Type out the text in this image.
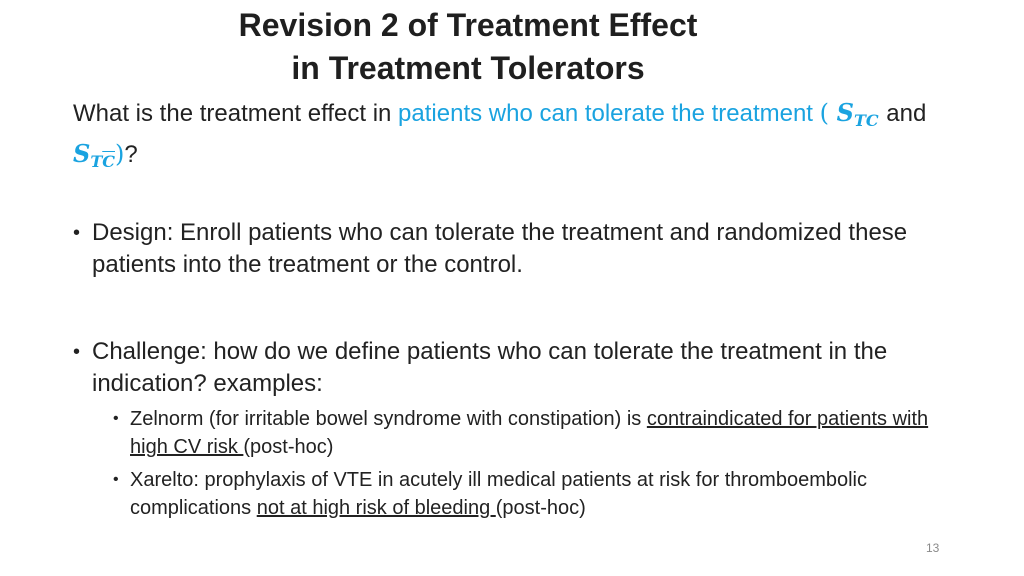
Revision 2 of Treatment Effect
in Treatment Tolerators
What is the treatment effect in patients who can tolerate the treatment ( $S_{TC}$ and $S_{T\overline{C}}$)?
• Design: Enroll patients who can tolerate the treatment and randomized these patients into the treatment or the control.
• Challenge: how do we define patients who can tolerate the treatment in the indication? examples:
• Zelnorm (for irritable bowel syndrome with constipation) is contraindicated for patients with high CV risk (post-hoc)
• Xarelto: prophylaxis of VTE in acutely ill medical patients at risk for thromboembolic complications not at high risk of bleeding (post-hoc)
13
